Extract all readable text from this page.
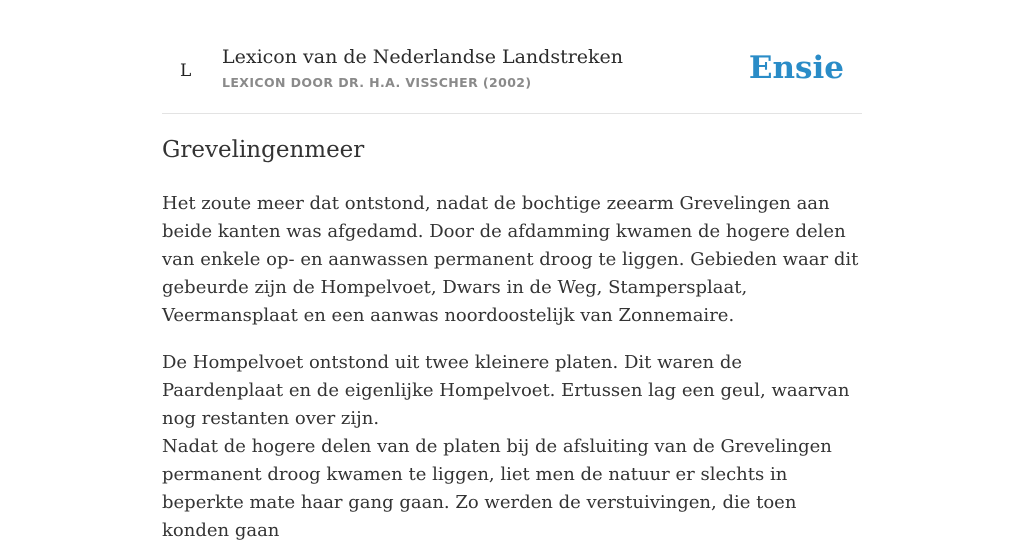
L
Lexicon van de Nederlandse Landstreken
LEXICON DOOR DR. H.A. VISSCHER (2002)	Ensie
Grevelingenmeer

Het zoute meer dat ontstond, nadat de bochtige zeearm Grevelingen aan beide kanten was afgedamd. Door de afdamming kwamen de hogere delen van enkele op- en aanwassen permanent droog te liggen. Gebieden waar dit gebeurde zijn de Hompelvoet, Dwars in de Weg, Stampersplaat, Veermansplaat en een aanwas noordoostelijk van Zonnemaire.

De Hompelvoet ontstond uit twee kleinere platen. Dit waren de Paardenplaat en de eigenlijke Hompelvoet. Ertussen lag een geul, waarvan nog restanten over zijn.

Nadat de hogere delen van de platen bij de afsluiting van de Grevelingen permanent droog kwamen te liggen, liet men de natuur er slechts in beperkte mate haar gang gaan. Zo werden de verstuivingen, die toen konden gaan
